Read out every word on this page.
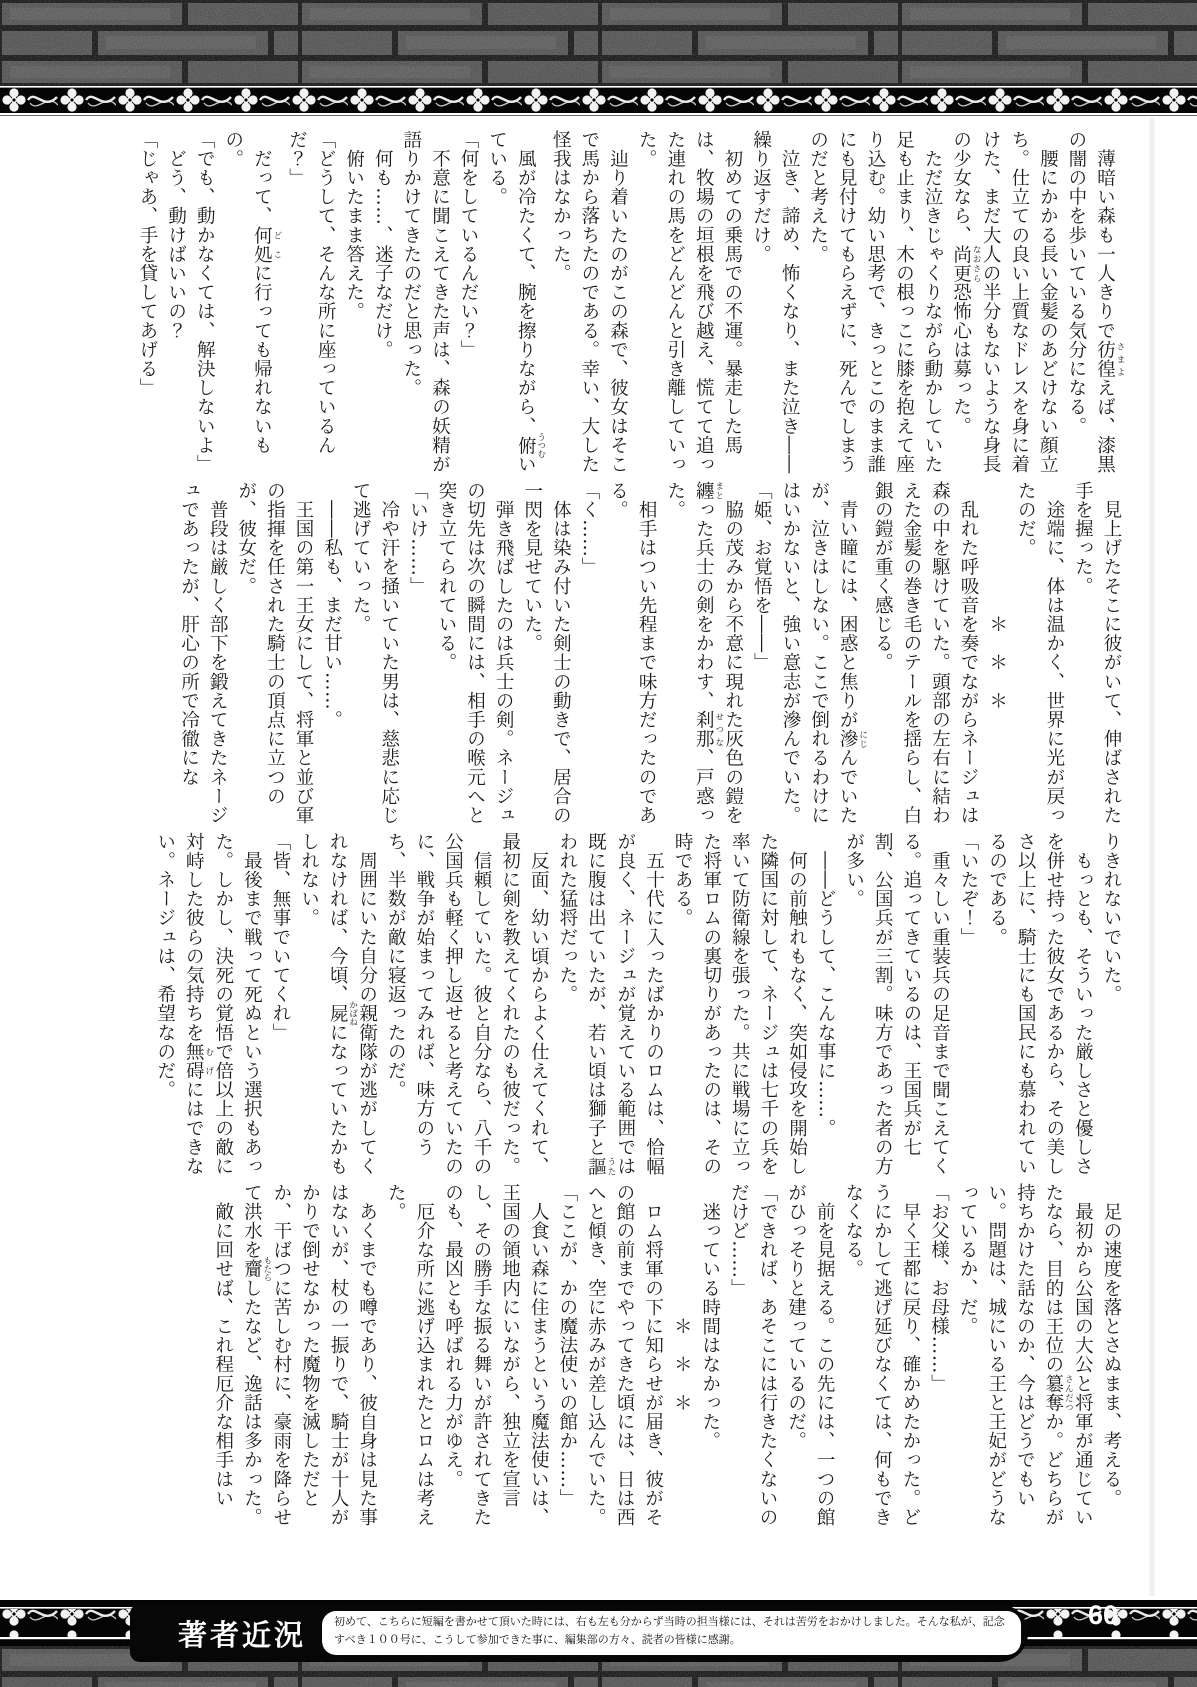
　薄暗い森も一人きりで彷徨 さまよえば、漆黒の闇の中を歩いている気分になる。

　腰にかかる長い金髪のあどけない顔立ち。仕立ての良い上質なドレスを身に着けた、まだ大人の半分もないような身長の少女なら、尚更 なおさら恐怖心は募った。

　ただ泣きじゃくりながら動かしていた足も止まり、木の根っこに膝を抱えて座り込む。幼い思考で、きっとこのまま誰にも見付けてもらえずに、死んでしまうのだと考えた。

　泣き、諦め、怖くなり、また泣き――繰り返すだけ。

　初めての乗馬での不運。暴走した馬は、牧場の垣根を飛び越え、慌てて追った連れの馬をどんどんと引き離していった。

　辿り着いたのがこの森で、彼女はそこで馬から落ちたのである。幸い、大した怪我はなかった。

　風が冷たくて、腕を擦りながら、俯 うつむいている。

「何をしているんだい？」

　不意に聞こえてきた声は、森の妖精が語りかけてきたのだと思った。

　何も……、迷子なだけ。

　俯いたまま答えた。

「どうして、そんな所に座っているんだ？」

　だって、何処 どこに行っても帰れないもの。

「でも、動かなくては、解決しないよ」

　どう、動けばいいの？

「じゃあ、手を貸してあげる」

　見上げたそこに彼がいて、伸ばされた手を握った。

　途端に、体は温かく、世界に光が戻ったのだ。

　　　　　　　＊　＊　＊

　乱れた呼吸音を奏でながらネージュは森の中を駆けていた。頭部の左右に結わえた金髪の巻き毛のテールを揺らし、白銀の鎧が重く感じる。

　青い瞳には、困惑と焦りが滲 にじんでいたが、泣きはしない。ここで倒れるわけにはいかないと、強い意志が滲んでいた。

「姫、お覚悟を――」

　脇の茂みから不意に現れた灰色の鎧を纏 まとった兵士の剣をかわす、刹那 せつな、戸惑った。

　相手はつい先程まで味方だったのである。

「く……」

　体は染み付いた剣士の動きで、居合の一閃を見せていた。

　弾き飛ばしたのは兵士の剣。ネージュの切先は次の瞬間には、相手の喉元へと突き立てられている。

「いけ……」

　冷や汗を掻いていた男は、慈悲に応じて逃げていった。

　――私も、まだ甘い……。

　王国の第一王女にして、将軍と並び軍の指揮を任された騎士の頂点に立つのが、彼女だ。

　普段は厳しく部下を鍛えてきたネージュであったが、肝心の所で冷徹にな

りきれないでいた。

　もっとも、そういった厳しさと優しさを併せ持った彼女であるから、その美しさ以上に、騎士にも国民にも慕われているのである。

「いたぞ！」

　重々しい重装兵の足音まで聞こえてくる。追ってきているのは、王国兵が七割、公国兵が三割。味方であった者の方が多い。

　――どうして、こんな事に……。

　何の前触れもなく、突如侵攻を開始した隣国に対して、ネージュは七千の兵を率いて防衛線を張った。共に戦場に立った将軍ロムの裏切りがあったのは、その時である。

　五十代に入ったばかりのロムは、恰幅が良く、ネージュが覚えている範囲では既に腹は出ていたが、若い頃は獅子と謳 うたわれた猛将だった。

　反面、幼い頃からよく仕えてくれて、最初に剣を教えてくれたのも彼だった。

　信頼していた。彼と自分なら、八千の公国兵も軽く押し返せると考えていたのに、戦争が始まってみれば、味方のうち、半数が敵に寝返ったのだ。

　周囲にいた自分の親衛隊が逃がしてくれなければ、今頃、屍 かばねになっていたかもしれない。

「皆、無事でいてくれ」

　最後まで戦って死ぬという選択もあった。しかし、決死の覚悟で倍以上の敵に対峙した彼らの気持ちを無碍 むげにはできない。ネージュは、希望なのだ。

　足の速度を落とさぬまま、考える。

　最初から公国の大公と将軍が通じていたなら、目的は王位の簒奪 さんだつか。どちらが持ちかけた話なのか、今はどうでもいい。問題は、城にいる王と王妃がどうなっているか、だ。

「お父様、お母様……」

　早く王都に戻り、確かめたかった。どうにかして逃げ延びなくては、何もできなくなる。

　前を見据える。この先には、一つの館がひっそりと建っているのだ。

「できれば、あそこには行きたくないのだけど……」

　迷っている時間はなかった。

　　　　　　　＊　＊　＊

　ロム将軍の下に知らせが届き、彼がその館の前までやってきた頃には、日は西へと傾き、空に赤みが差し込んでいた。

「ここが、かの魔法使いの館か……」

　人食い森に住まうという魔法使いは、王国の領地内にいながら、独立を宣言し、その勝手な振る舞いが許されてきたのも、最凶とも呼ばれる力がゆえ。

　厄介な所に逃げ込まれたとロムは考えた。

　あくまでも噂であり、彼自身は見た事はないが、杖の一振りで、騎士が十人がかりで倒せなかった魔物を滅しただとか、干ばつに苦しむ村に、豪雨を降らせて洪水を齎 もたらしたなど、逸話は多かった。

　敵に回せば、これ程厄介な相手はい

著者近況	初めて、こちらに短編を書かせて頂いた時には、右も左も分からず当時の担当様には、それは苦労をおかけしました。そんな私が、記念すべき１００号に、こうして参加できた事に、編集部の方々、読者の皆様に感謝。
60
